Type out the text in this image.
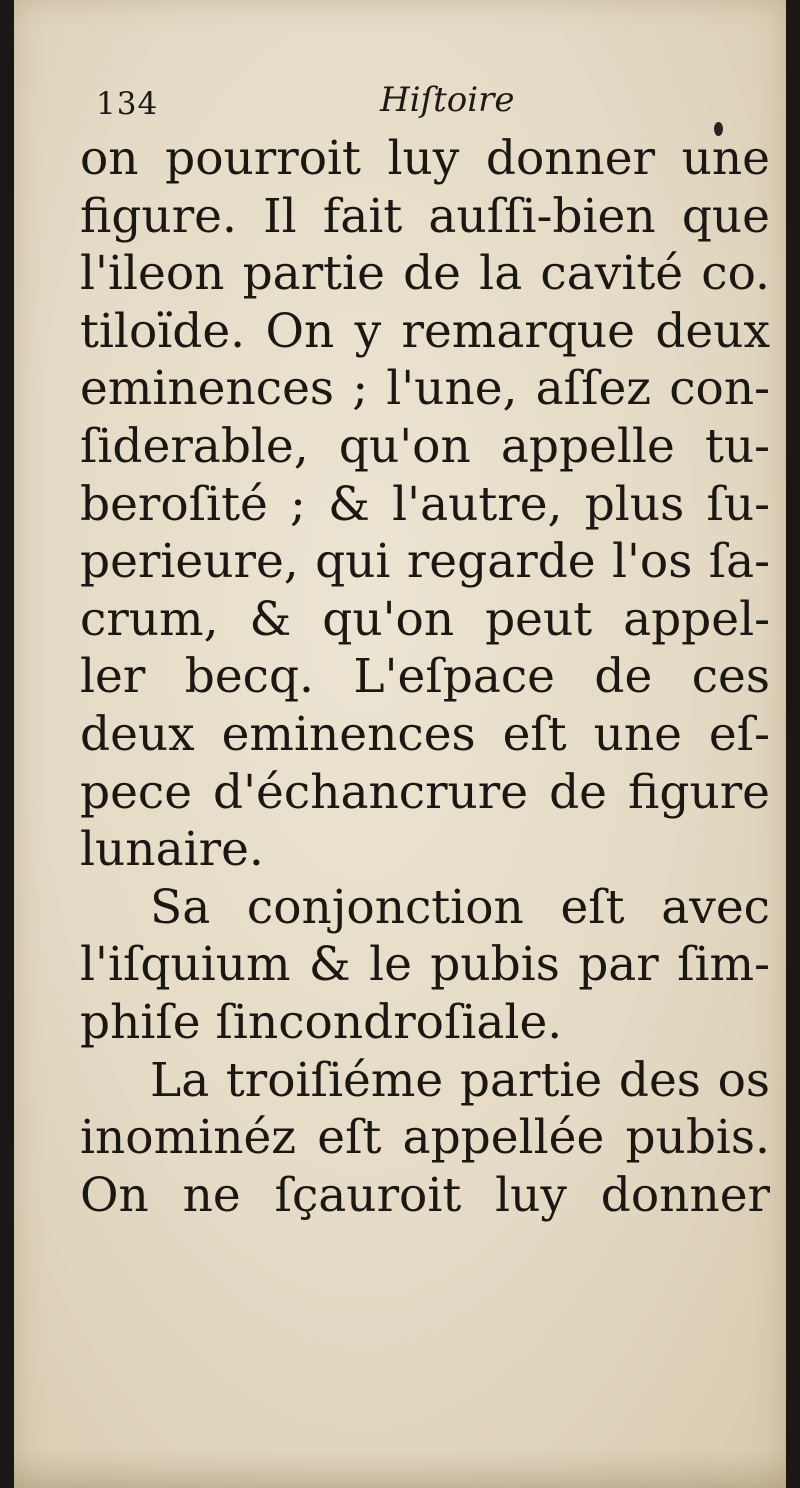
134	Hiſtoire
on pourroit luy donner une
figure. Il fait auſſi-bien que
l'ileon partie de la cavité co.
tiloïde. On y remarque deux
eminences ; l'une, aſſez con-
ſiderable, qu'on appelle tu-
beroſité ; & l'autre, plus ſu-
perieure, qui regarde l'os ſa-
crum, & qu'on peut appel-
ler becq. L'eſpace de ces
deux eminences eſt une eſ-
pece d'échancrure de figure
lunaire.
Sa conjonction eſt avec
l'iſquium & le pubis par ſim-
phiſe ſincondroſiale.
La troiſiéme partie des os
inominéz eſt appellée pubis.
On ne ſçauroit luy donner
